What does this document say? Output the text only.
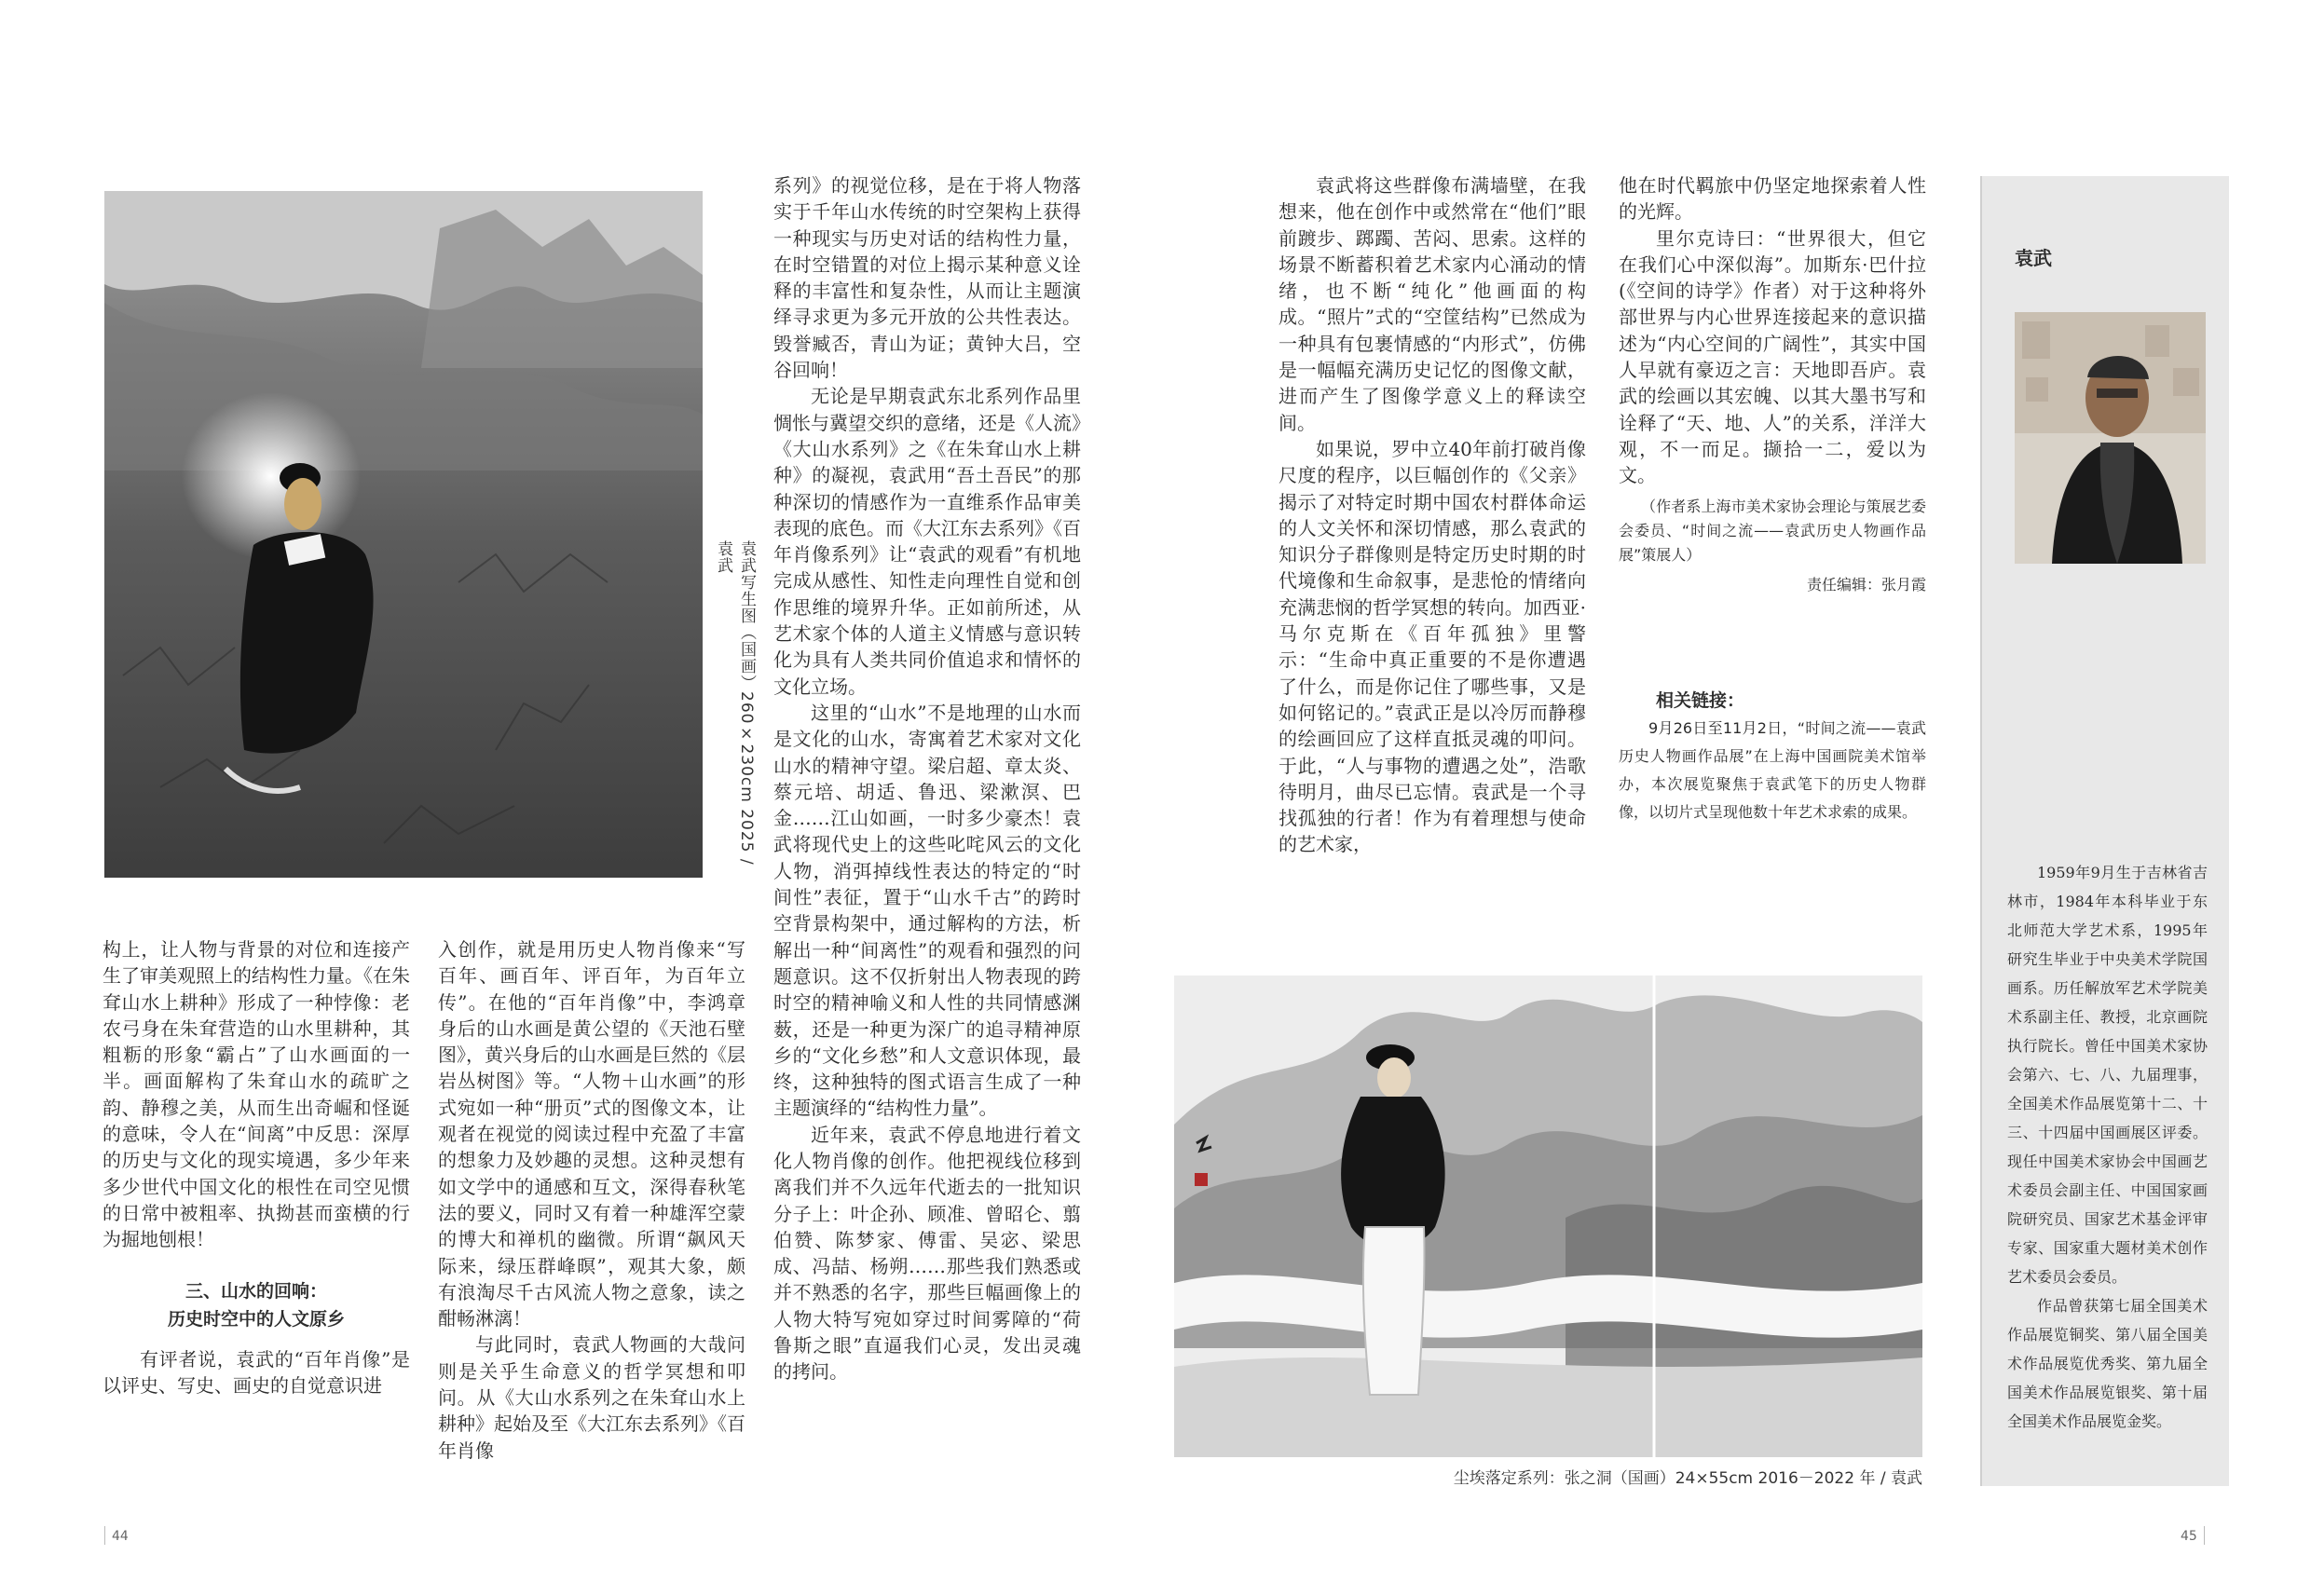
袁武写生图（国画）260×230cm 2025 / 袁武

构上，让人物与背景的对位和连接产生了审美观照上的结构性力量。《在朱耷山水上耕种》形成了一种悖像：老农弓身在朱耷营造的山水里耕种，其粗粝的形象“霸占”了山水画面的一半。画面解构了朱耷山水的疏旷之韵、静穆之美，从而生出奇崛和怪诞的意味，令人在“间离”中反思：深厚的历史与文化的现实境遇，多少年来多少世代中国文化的根性在司空见惯的日常中被粗率、执拗甚而蛮横的行为掘地刨根！

三、山水的回响：
历史时空中的人文原乡

有评者说，袁武的“百年肖像”是以评史、写史、画史的自觉意识进

入创作，就是用历史人物肖像来“写百年、画百年、评百年，为百年立传”。在他的“百年肖像”中，李鸿章身后的山水画是黄公望的《天池石壁图》，黄兴身后的山水画是巨然的《层岩丛树图》等。“人物＋山水画”的形式宛如一种“册页”式的图像文本，让观者在视觉的阅读过程中充盈了丰富的想象力及妙趣的灵想。这种灵想有如文学中的通感和互文，深得春秋笔法的要义，同时又有着一种雄浑空蒙的博大和禅机的幽微。所谓“飙风天际来，绿压群峰暝”，观其大象，颇有浪淘尽千古风流人物之意象，读之酣畅淋漓！

与此同时，袁武人物画的大哉问则是关乎生命意义的哲学冥想和叩问。从《大山水系列之在朱耷山水上耕种》起始及至《大江东去系列》《百年肖像

系列》的视觉位移，是在于将人物落实于千年山水传统的时空架构上获得一种现实与历史对话的结构性力量，在时空错置的对位上揭示某种意义诠释的丰富性和复杂性，从而让主题演绎寻求更为多元开放的公共性表达。毁誉臧否，青山为证；黄钟大吕，空谷回响！

无论是早期袁武东北系列作品里惆怅与冀望交织的意绪，还是《人流》《大山水系列》之《在朱耷山水上耕种》的凝视，袁武用“吾土吾民”的那种深切的情感作为一直维系作品审美表现的底色。而《大江东去系列》《百年肖像系列》让“袁武的观看”有机地完成从感性、知性走向理性自觉和创作思维的境界升华。正如前所述，从艺术家个体的人道主义情感与意识转化为具有人类共同价值追求和情怀的文化立场。

这里的“山水”不是地理的山水而是文化的山水，寄寓着艺术家对文化山水的精神守望。梁启超、章太炎、蔡元培、胡适、鲁迅、梁漱溟、巴金……江山如画，一时多少豪杰！袁武将现代史上的这些叱咤风云的文化人物，消弭掉线性表达的特定的“时间性”表征，置于“山水千古”的跨时空背景构架中，通过解构的方法，析解出一种“间离性”的观看和强烈的问题意识。这不仅折射出人物表现的跨时空的精神喻义和人性的共同情感渊薮，还是一种更为深广的追寻精神原乡的“文化乡愁”和人文意识体现，最终，这种独特的图式语言生成了一种主题演绎的“结构性力量”。

近年来，袁武不停息地进行着文化人物肖像的创作。他把视线位移到离我们并不久远年代逝去的一批知识分子上：叶企孙、顾准、曾昭仑、翦伯赞、陈梦家、傅雷、吴宓、梁思成、冯喆、杨朔……那些我们熟悉或并不熟悉的名字，那些巨幅画像上的人物大特写宛如穿过时间雾障的“荷鲁斯之眼”直逼我们心灵，发出灵魂的拷问。

44

袁武将这些群像布满墙壁，在我想来，他在创作中或然常在“他们”眼前踱步、踯躅、苦闷、思索。这样的场景不断蓄积着艺术家内心涌动的情绪，也不断“纯化”他画面的构成。“照片”式的“空筐结构”已然成为一种具有包裹情感的“内形式”，仿佛是一幅幅充满历史记忆的图像文献，进而产生了图像学意义上的释读空间。

如果说，罗中立40年前打破肖像尺度的程序，以巨幅创作的《父亲》揭示了对特定时期中国农村群体命运的人文关怀和深切情感，那么袁武的知识分子群像则是特定历史时期的时代境像和生命叙事，是悲怆的情绪向充满悲悯的哲学冥想的转向。加西亚·马尔克斯在《百年孤独》里警示：“生命中真正重要的不是你遭遇了什么，而是你记住了哪些事，又是如何铭记的。”袁武正是以冷厉而静穆的绘画回应了这样直抵灵魂的叩问。于此，“人与事物的遭遇之处”，浩歌待明月，曲尽已忘情。袁武是一个寻找孤独的行者！作为有着理想与使命的艺术家，

他在时代羁旅中仍坚定地探索着人性的光辉。

里尔克诗曰：“世界很大，但它在我们心中深似海”。加斯东·巴什拉(《空间的诗学》作者）对于这种将外部世界与内心世界连接起来的意识描述为“内心空间的广阔性”，其实中国人早就有豪迈之言：天地即吾庐。袁武的绘画以其宏魄、以其大墨书写和诠释了“天、地、人”的关系，洋洋大观，不一而足。撷拾一二，爱以为文。

（作者系上海市美术家协会理论与策展艺委会委员、“时间之流——袁武历史人物画作品展”策展人）

责任编辑：张月霞

相关链接：

9月26日至11月2日，“时间之流——袁武历史人物画作品展”在上海中国画院美术馆举办，本次展览聚焦于袁武笔下的历史人物群像，以切片式呈现他数十年艺术求索的成果。

尘埃落定系列：张之洞（国画）24×55cm 2016－2022 年 / 袁武
袁武

1959年9月生于吉林省吉林市，1984年本科毕业于东北师范大学艺术系，1995年研究生毕业于中央美术学院国画系。历任解放军艺术学院美术系副主任、教授，北京画院执行院长。曾任中国美术家协会第六、七、八、九届理事，全国美术作品展览第十二、十三、十四届中国画展区评委。现任中国美术家协会中国画艺术委员会副主任、中国国家画院研究员、国家艺术基金评审专家、国家重大题材美术创作艺术委员会委员。

作品曾获第七届全国美术作品展览铜奖、第八届全国美术作品展览优秀奖、第九届全国美术作品展览银奖、第十届全国美术作品展览金奖。

45
